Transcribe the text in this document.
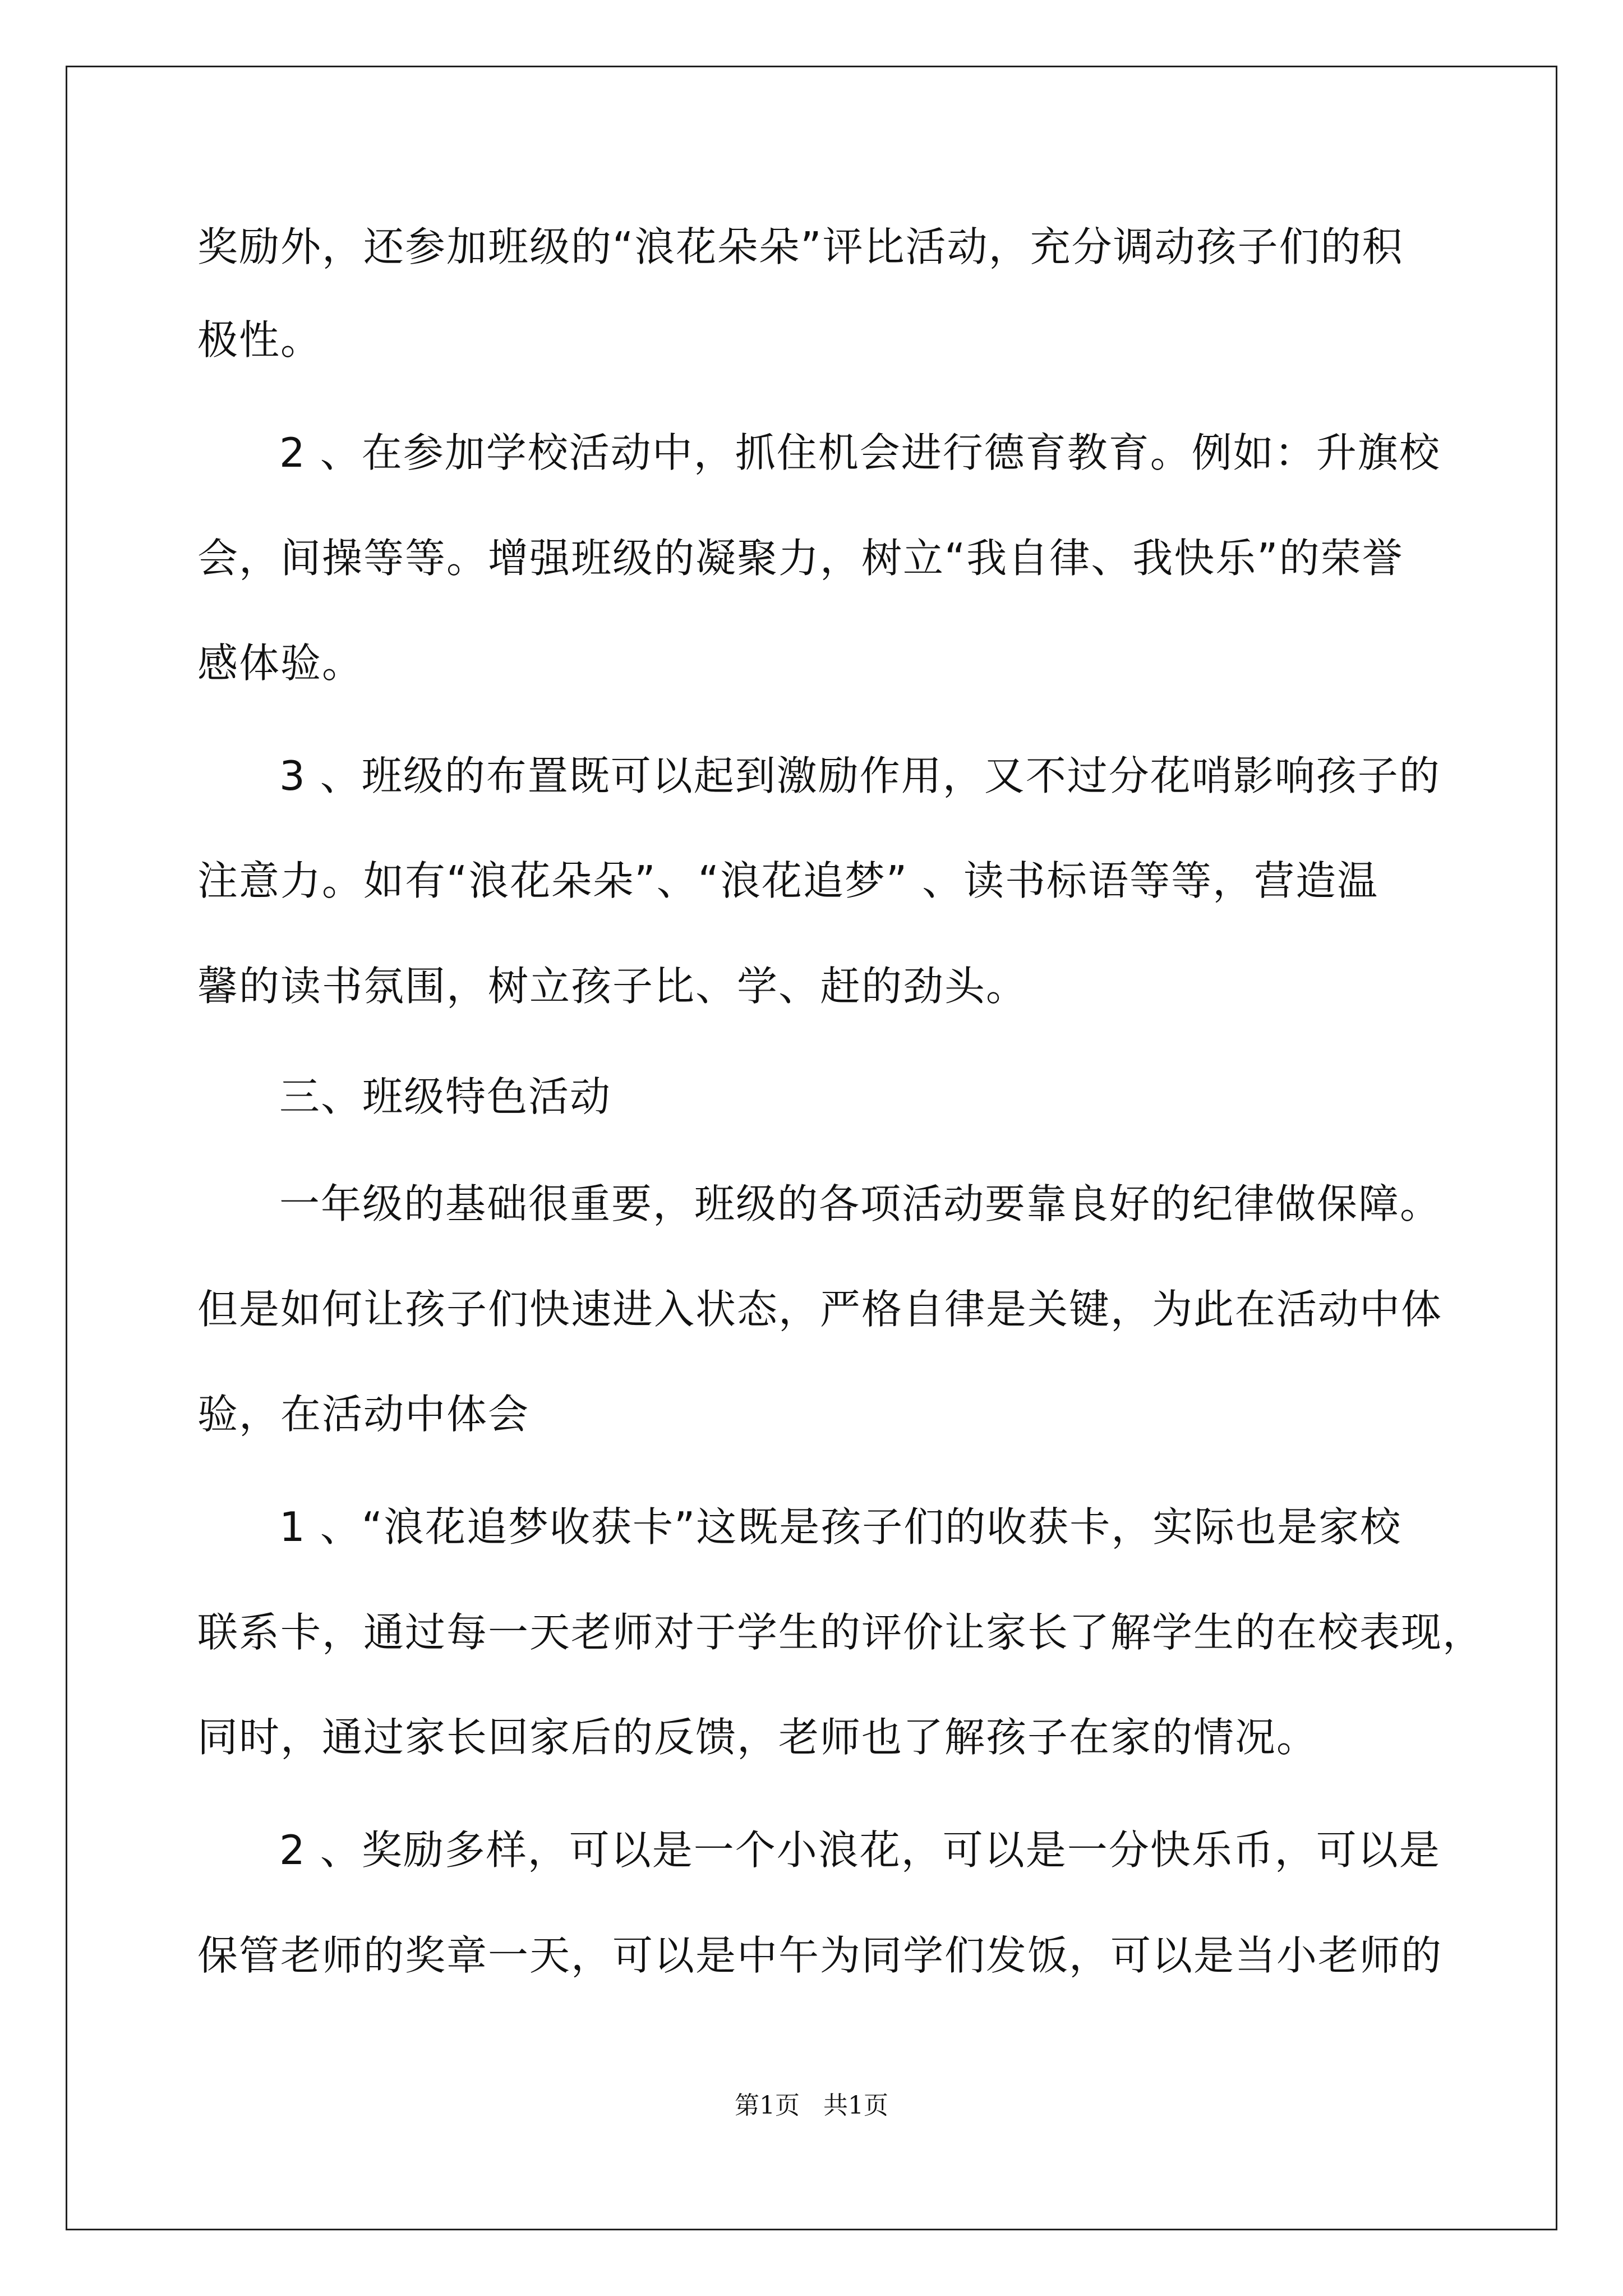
奖励外，还参加班级的“浪花朵朵”评比活动，充分调动孩子们的积
极性。
2 、在参加学校活动中，抓住机会进行德育教育。例如：升旗校
会，间操等等。增强班级的凝聚力，树立“我自律、我快乐”的荣誉
感体验。
3 、班级的布置既可以起到激励作用，又不过分花哨影响孩子的
注意力。如有“浪花朵朵”、“浪花追梦” 、读书标语等等，营造温
馨的读书氛围，树立孩子比、学、赶的劲头。
三、班级特色活动
一年级的基础很重要，班级的各项活动要靠良好的纪律做保障。
但是如何让孩子们快速进入状态，严格自律是关键，为此在活动中体
验，在活动中体会
1 、“浪花追梦收获卡”这既是孩子们的收获卡，实际也是家校
联系卡，通过每一天老师对于学生的评价让家长了解学生的在校表现，
同时，通过家长回家后的反馈，老师也了解孩子在家的情况。
2 、奖励多样，可以是一个小浪花，可以是一分快乐币，可以是
保管老师的奖章一天，可以是中午为同学们发饭，可以是当小老师的
第1页   共1页
